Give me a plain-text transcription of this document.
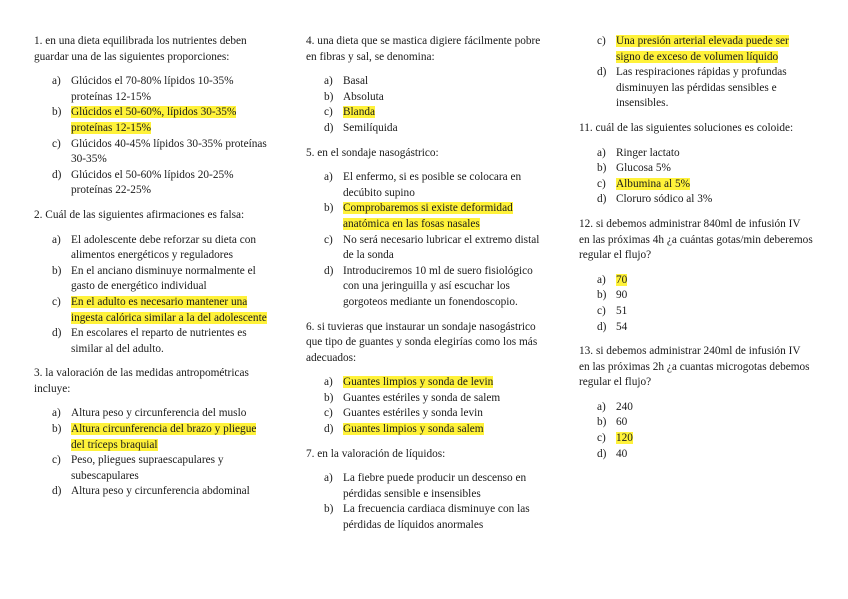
1. en una dieta equilibrada los nutrientes deben guardar una de las siguientes proporciones:

a) Glúcidos el 70-80% lípidos 10-35% proteínas 12-15%
b) Glúcidos el 50-60%, lípidos 30-35% proteínas 12-15%
c) Glúcidos 40-45% lípidos 30-35% proteínas 30-35%
d) Glúcidos el 50-60% lípidos 20-25% proteínas 22-25%

2. Cuál de las siguientes afirmaciones es falsa:

a) El adolescente debe reforzar su dieta con alimentos energéticos y reguladores
b) En el anciano disminuye normalmente el gasto de energético individual
c) En el adulto es necesario mantener una ingesta calórica similar a la del adolescente
d) En escolares el reparto de nutrientes es similar al del adulto.

3. la valoración de las medidas antropométricas incluye:

a) Altura peso y circunferencia del muslo
b) Altura circunferencia del brazo y pliegue del tríceps braquial
c) Peso, pliegues supraescapulares y subescapulares
d) Altura peso y circunferencia abdominal

4. una dieta que se mastica digiere fácilmente pobre en fibras y sal, se denomina:

a) Basal
b) Absoluta
c) Blanda
d) Semilíquida

5. en el sondaje nasogástrico:

a) El enfermo, si es posible se colocara en decúbito supino
b) Comprobaremos si existe deformidad anatómica en las fosas nasales
c) No será necesario lubricar el extremo distal de la sonda
d) Introduciremos 10 ml de suero fisiológico con una jeringuilla y así escuchar los gorgoteos mediante un fonendoscopio.

6. si tuvieras que instaurar un sondaje nasogástrico que tipo de guantes y sonda elegirías como los más adecuados:

a) Guantes limpios y sonda de levin
b) Guantes estériles y sonda de salem
c) Guantes estériles y sonda levin
d) Guantes limpios y sonda salem

7. en la valoración de líquidos:

a) La fiebre puede producir un descenso en pérdidas sensible e insensibles
b) La frecuencia cardiaca disminuye con las pérdidas de líquidos anormales
c) Una presión arterial elevada puede ser signo de exceso de volumen líquido
d) Las respiraciones rápidas y profundas disminuyen las pérdidas sensibles e insensibles.

11. cuál de las siguientes soluciones es coloide:

a) Ringer lactato
b) Glucosa 5%
c) Albumina al 5%
d) Cloruro sódico al 3%

12. si debemos administrar 840ml de infusión IV en las próximas 4h ¿a cuántas gotas/min deberemos regular el flujo?

a) 70
b) 90
c) 51
d) 54

13. si debemos administrar 240ml de infusión IV en las próximas 2h ¿a cuantas microgotas debemos regular el flujo?

a) 240
b) 60
c) 120
d) 40
